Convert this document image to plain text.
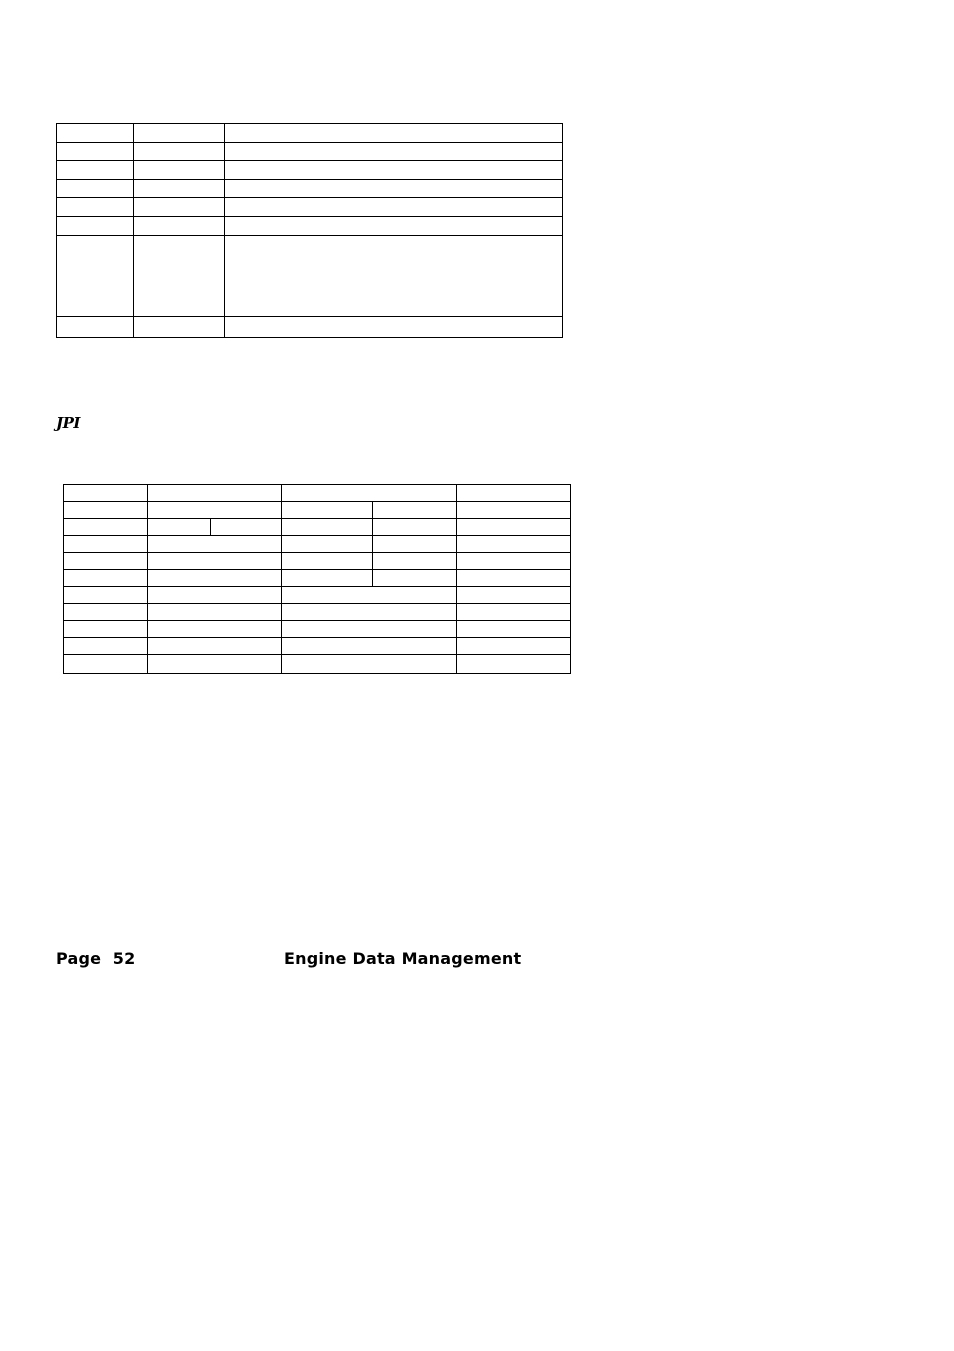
JPI

Page  52	Engine Data Management
